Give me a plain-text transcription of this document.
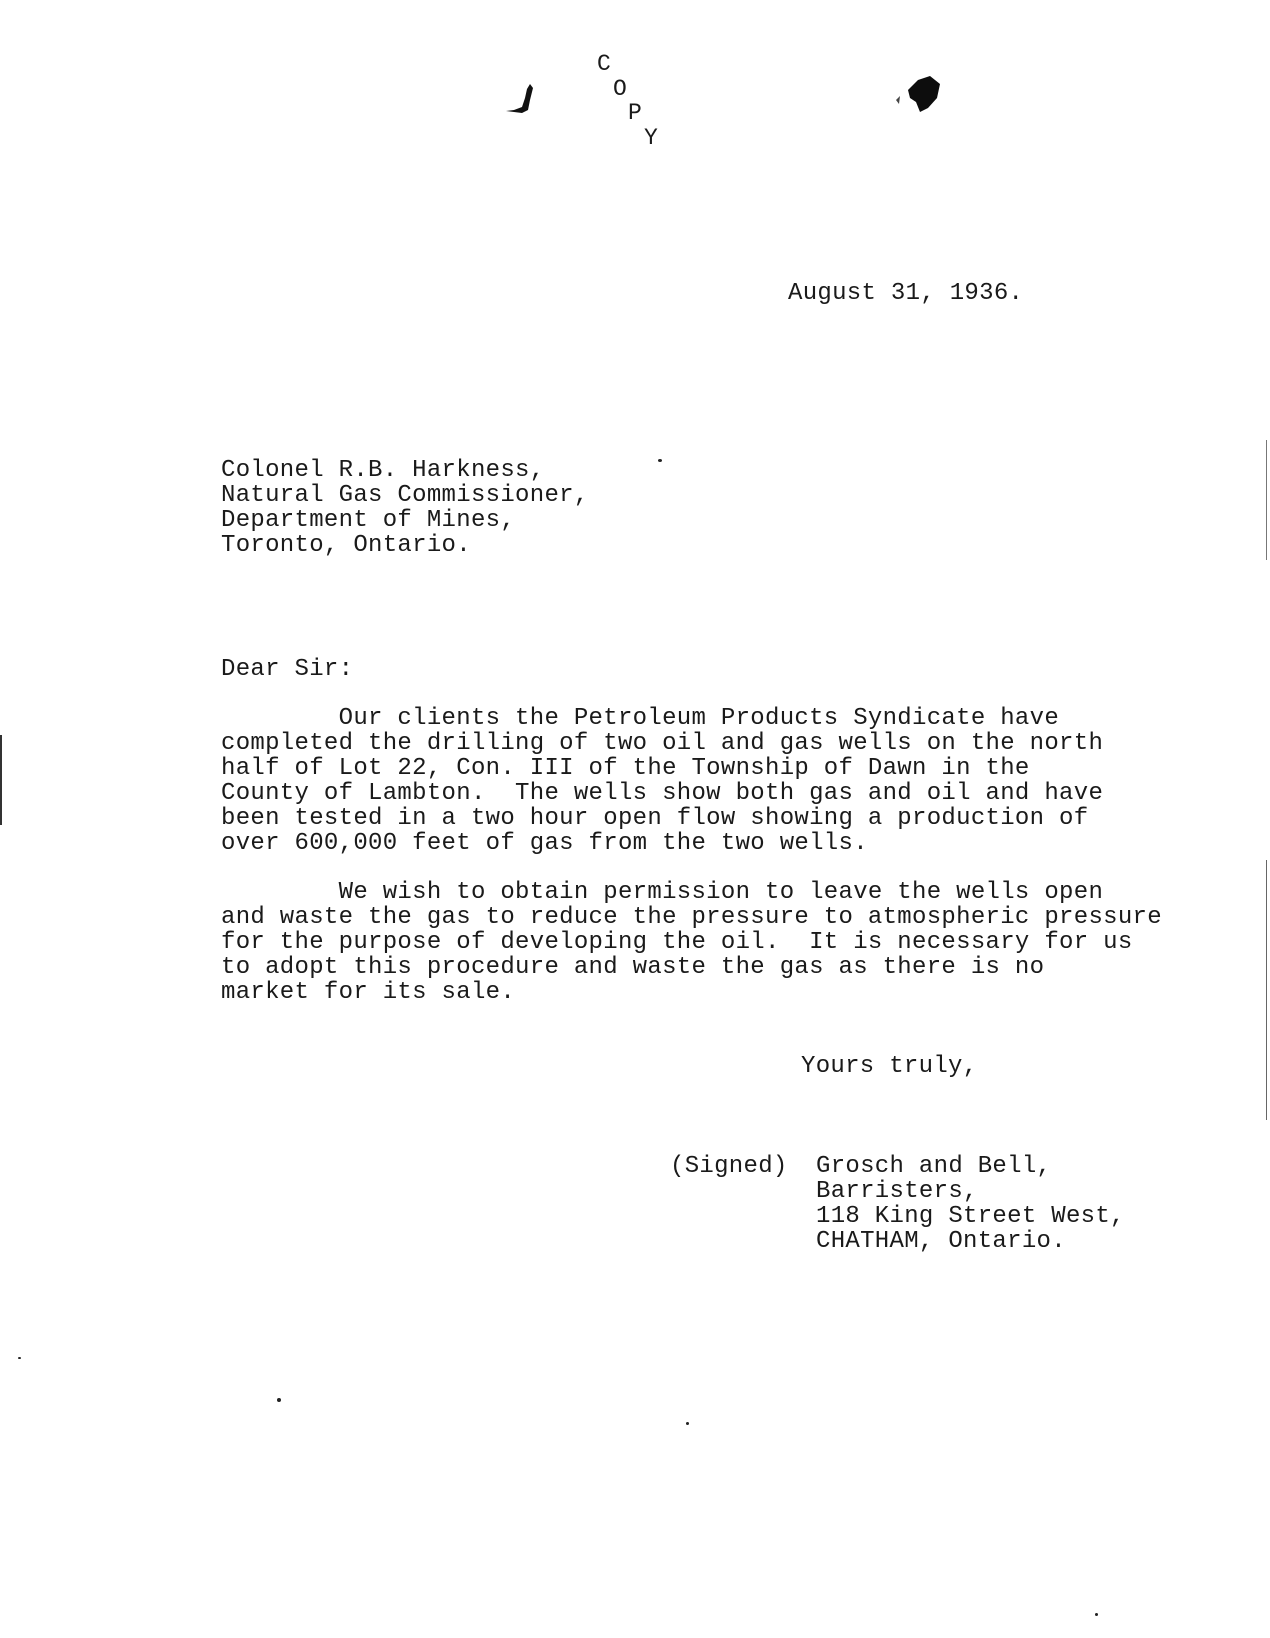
C
O
P
Y

August 31, 1936.

Colonel R.B. Harkness,

Natural Gas Commissioner,

Department of Mines,

Toronto, Ontario.

Dear Sir:

Our clients the Petroleum Products Syndicate have

completed the drilling of two oil and gas wells on the north

half of Lot 22, Con. III of the Township of Dawn in the

County of Lambton.  The wells show both gas and oil and have

been tested in a two hour open flow showing a production of

over 600,000 feet of gas from the two wells.

We wish to obtain permission to leave the wells open

and waste the gas to reduce the pressure to atmospheric pressure

for the purpose of developing the oil.  It is necessary for us

to adopt this procedure and waste the gas as there is no

market for its sale.

Yours truly,

(Signed) Grosch and Bell,

Barristers,

118 King Street West,

CHATHAM, Ontario.
